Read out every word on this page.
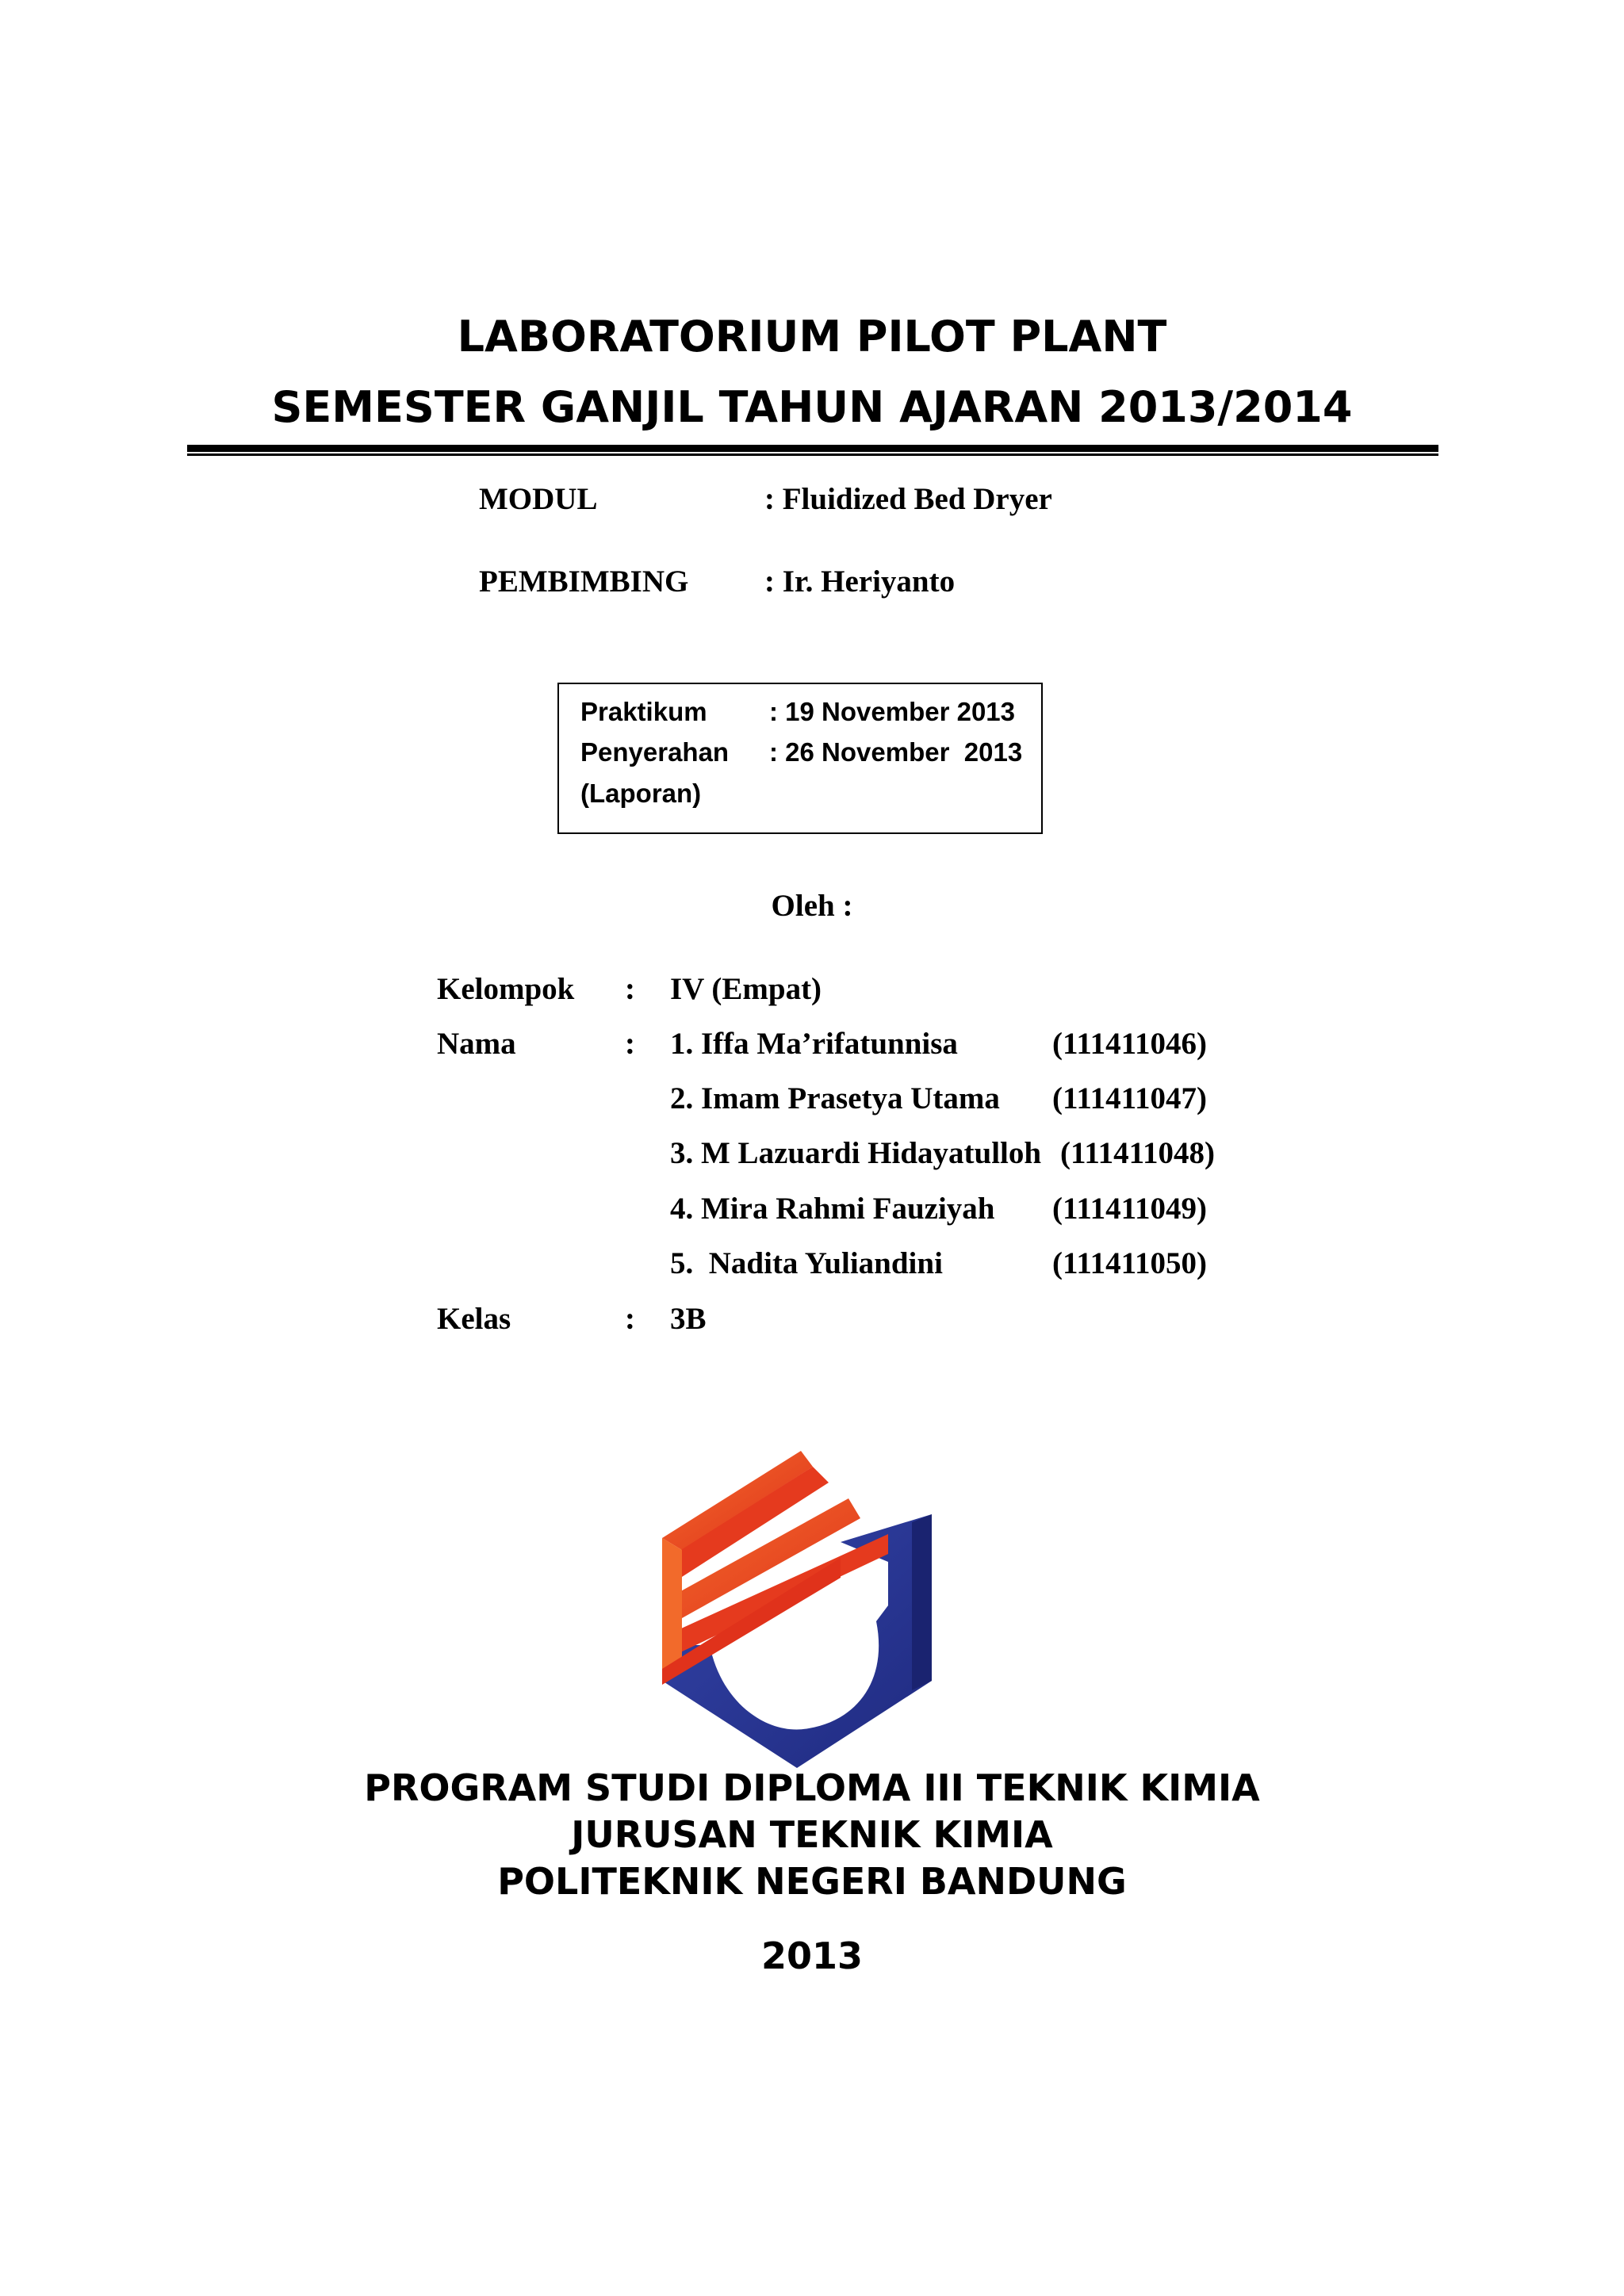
LABORATORIUM PILOT PLANT
SEMESTER GANJIL TAHUN AJARAN 2013/2014
MODUL	: Fluidized Bed Dryer
PEMBIMBING : Ir. Heriyanto
Praktikum : 19 November 2013
Penyerahan : 26 November  2013
(Laporan)
Oleh :
Kelompok : IV (Empat)
Nama	: 1. Iffa Ma’rifatunnisa	(111411046)
2. Imam Prasetya Utama (111411047)
3. M Lazuardi Hidayatulloh (111411048)
4. Mira Rahmi Fauziyah (111411049)
5.  Nadita Yuliandini	(111411050)
Kelas	: 3B
PROGRAM STUDI DIPLOMA III TEKNIK KIMIA
JURUSAN TEKNIK KIMIA
POLITEKNIK NEGERI BANDUNG
2013
